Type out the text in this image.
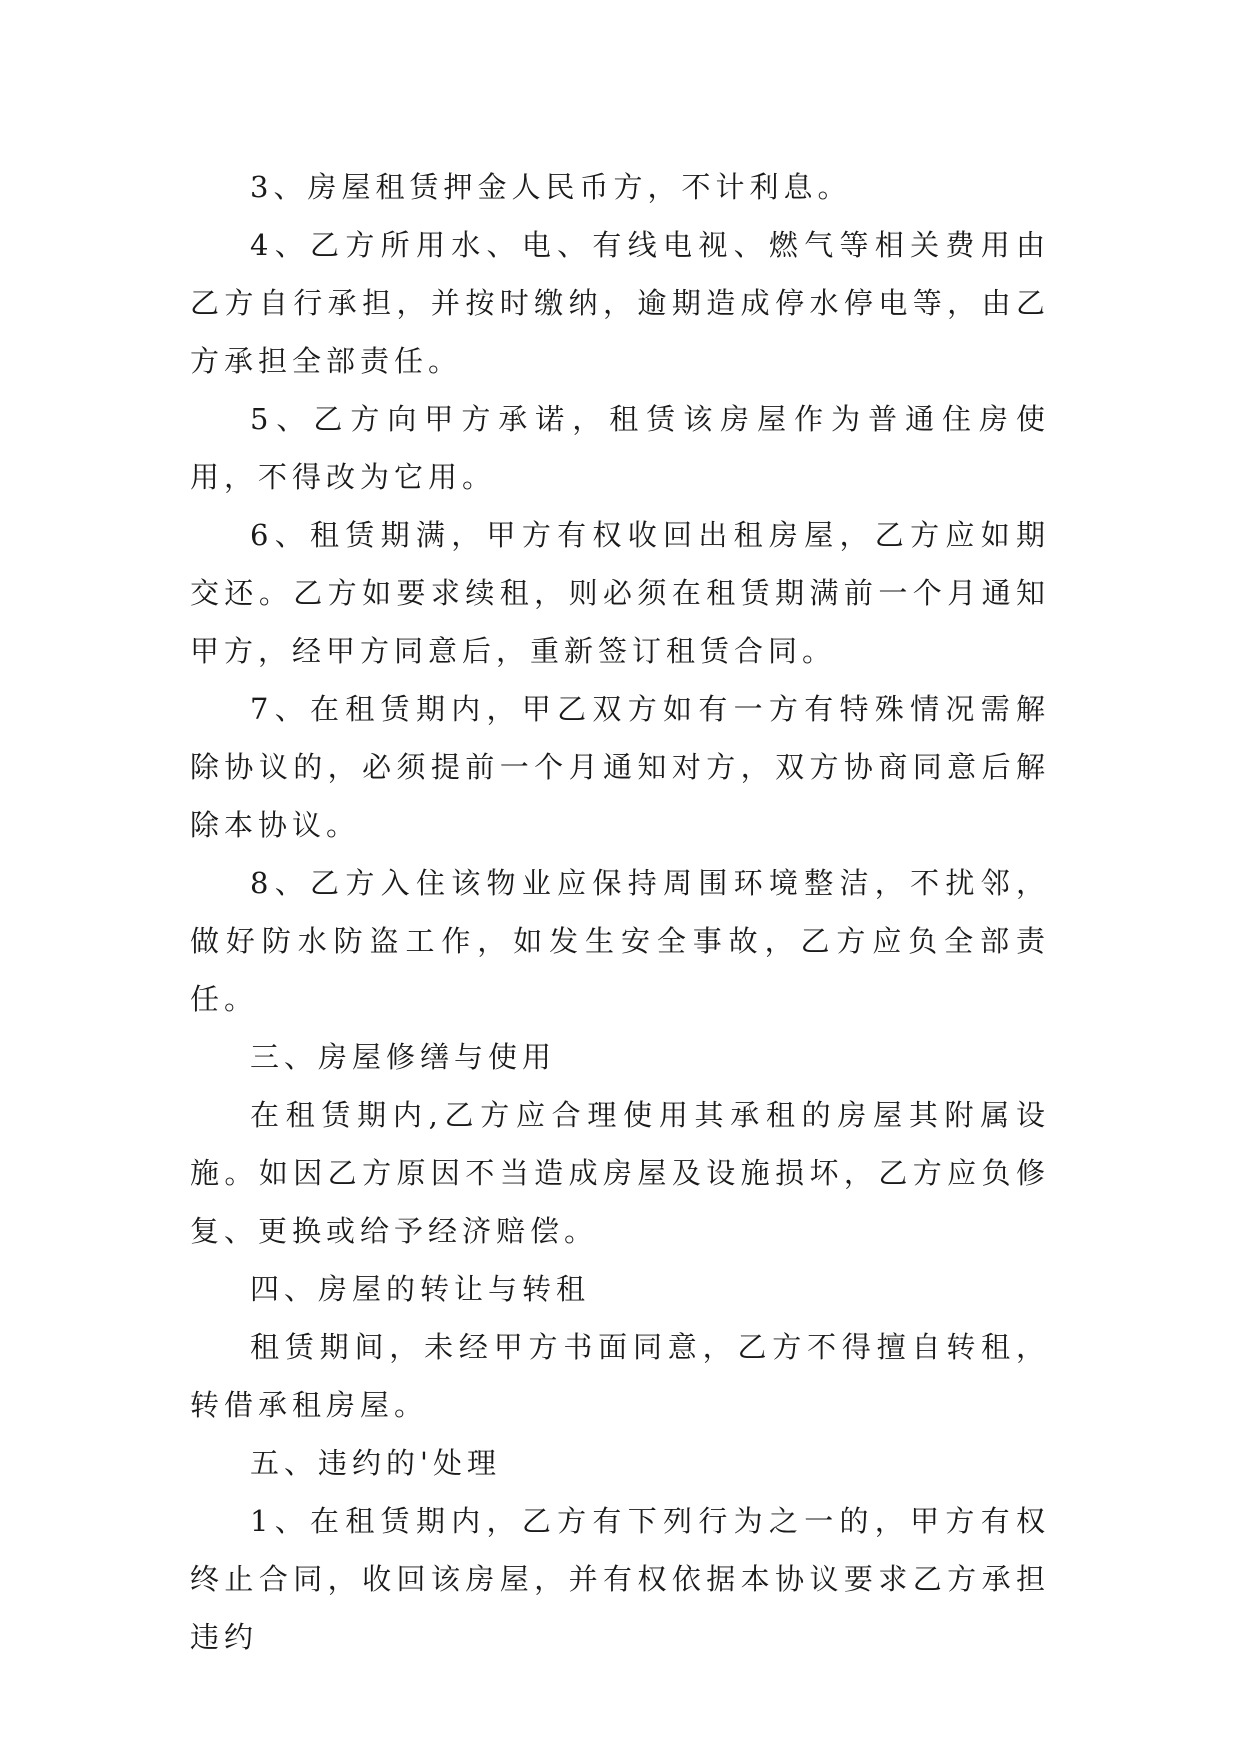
3、房屋租赁押金人民币方，不计利息。

4、乙方所用水、电、有线电视、燃气等相关费用由乙方自行承担，并按时缴纳，逾期造成停水停电等，由乙方承担全部责任。

5、乙方向甲方承诺，租赁该房屋作为普通住房使用，不得改为它用。

6、租赁期满，甲方有权收回出租房屋，乙方应如期交还。乙方如要求续租，则必须在租赁期满前一个月通知甲方，经甲方同意后，重新签订租赁合同。

7、在租赁期内，甲乙双方如有一方有特殊情况需解除协议的，必须提前一个月通知对方，双方协商同意后解除本协议。

8、乙方入住该物业应保持周围环境整洁，不扰邻，做好防水防盗工作，如发生安全事故，乙方应负全部责任。

三、房屋修缮与使用

在租赁期内,乙方应合理使用其承租的房屋其附属设施。如因乙方原因不当造成房屋及设施损坏，乙方应负修复、更换或给予经济赔偿。

四、房屋的转让与转租

租赁期间，未经甲方书面同意，乙方不得擅自转租，转借承租房屋。

五、违约的'处理

1、在租赁期内，乙方有下列行为之一的，甲方有权终止合同，收回该房屋，并有权依据本协议要求乙方承担违约
